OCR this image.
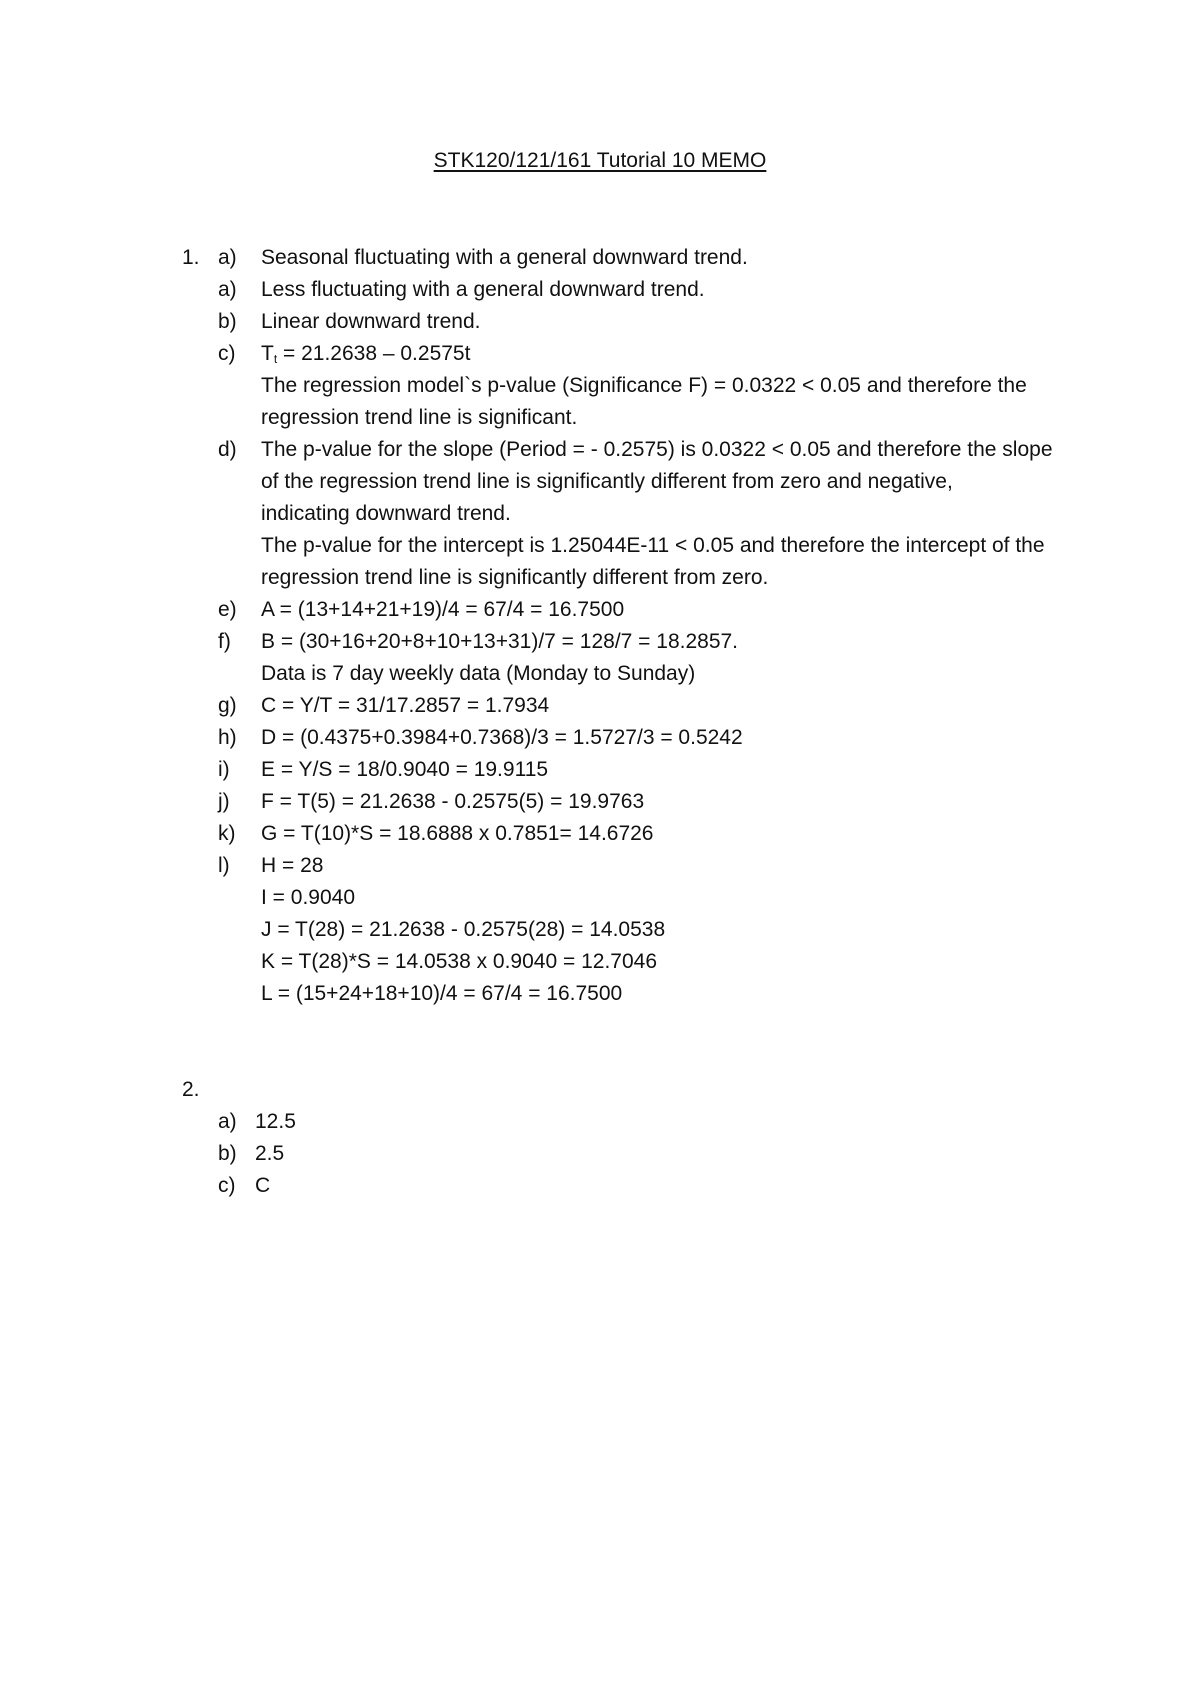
STK120/121/161 Tutorial 10 MEMO
1. a)	Seasonal fluctuating with a general downward trend.
a)	Less fluctuating with a general downward trend.
b)	Linear downward trend.
c)	$T_t = 21.2638 - 0.2575t$
The regression model`s p-value (Significance F) = 0.0322 < 0.05 and therefore the
regression trend line is significant.
d)	The p-value for the slope (Period = - 0.2575) is 0.0322 < 0.05 and therefore the slope
of the regression trend line is significantly different from zero and negative,
indicating downward trend.
The p-value for the intercept is 1.25044E-11 < 0.05 and therefore the intercept of the
regression trend line is significantly different from zero.
e)	A = (13+14+21+19)/4 = 67/4 = 16.7500
f)	B = (30+16+20+8+10+13+31)/7 = 128/7 = 18.2857.
Data is 7 day weekly data (Monday to Sunday)
g)	C = Y/T = 31/17.2857 = 1.7934
h)	D = (0.4375+0.3984+0.7368)/3 = 1.5727/3 = 0.5242
i)	E = Y/S = 18/0.9040 = 19.9115
j)	F = T(5) = 21.2638 - 0.2575(5) = 19.9763
k)	G = T(10)*S = 18.6888 x 0.7851= 14.6726
l)	H = 28
I = 0.9040
J = T(28) = 21.2638 - 0.2575(28) = 14.0538
K = T(28)*S = 14.0538 x 0.9040 = 12.7046
L = (15+24+18+10)/4 = 67/4 = 16.7500
2.
a) 12.5
b) 2.5
c) C
